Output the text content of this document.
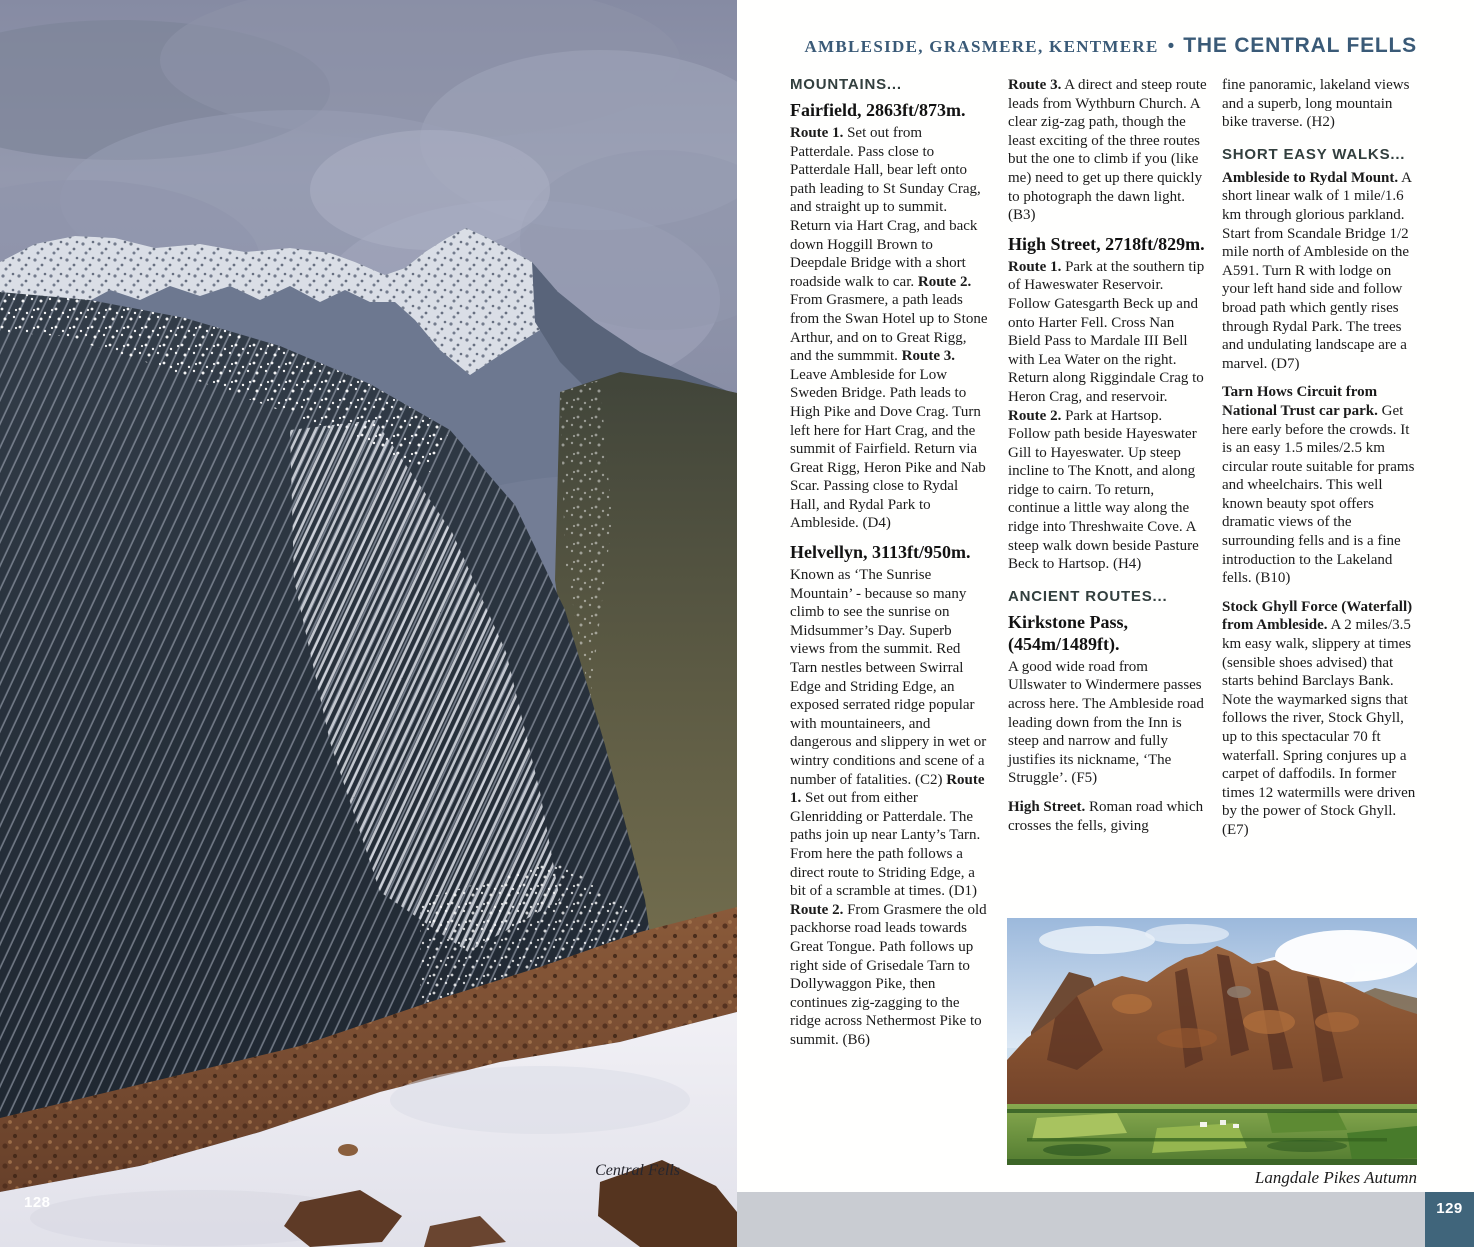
Central Fells
128
AMBLESIDE, GRASMERE, KENTMERE • THE CENTRAL FELLS
MOUNTAINS...
Fairfield, 2863ft/873m.

Route 1. Set out from Patterdale. Pass close to Patterdale Hall, bear left onto path leading to St Sunday Crag, and straight up to summit. Return via Hart Crag, and back down Hoggill Brown to Deepdale Bridge with a short roadside walk to car. Route 2. From Grasmere, a path leads from the Swan Hotel up to Stone Arthur, and on to Great Rigg, and the summmit. Route 3. Leave Ambleside for Low Sweden Bridge. Path leads to High Pike and Dove Crag. Turn left here for Hart Crag, and the summit of Fairfield. Return via Great Rigg, Heron Pike and Nab Scar. Passing close to Rydal Hall, and Rydal Park to Ambleside. (D4)

Helvellyn, 3113ft/950m.

Known as ‘The Sunrise Mountain’ - because so many climb to see the sunrise on Midsummer’s Day. Superb views from the summit. Red Tarn nestles between Swirral Edge and Striding Edge, an exposed serrated ridge popular with mountaineers, and dangerous and slippery in wet or wintry conditions and scene of a number of fatalities. (C2) Route 1. Set out from either Glenridding or Patterdale. The paths join up near Lanty’s Tarn. From here the path follows a direct route to Striding Edge, a bit of a scramble at times. (D1) Route 2. From Grasmere the old packhorse road leads towards Great Tongue. Path follows up right side of Grisedale Tarn to Dollywaggon Pike, then continues zig-zagging to the ridge across Nethermost Pike to summit. (B6)

Route 3. A direct and steep route leads from Wythburn Church. A clear zig-zag path, though the least exciting of the three routes but the one to climb if you (like me) need to get up there quickly to photograph the dawn light. (B3)

High Street, 2718ft/829m.

Route 1. Park at the southern tip of Haweswater Reservoir. Follow Gatesgarth Beck up and onto Harter Fell. Cross Nan Bield Pass to Mardale III Bell with Lea Water on the right. Return along Riggindale Crag to Heron Crag, and reservoir. Route 2. Park at Hartsop. Follow path beside Hayeswater Gill to Hayeswater. Up steep incline to The Knott, and along ridge to cairn. To return, continue a little way along the ridge into Threshwaite Cove. A steep walk down beside Pasture Beck to Hartsop. (H4)

ANCIENT ROUTES...
Kirkstone Pass, (454m/1489ft).

A good wide road from Ullswater to Windermere passes across here. The Ambleside road leading down from the Inn is steep and narrow and fully justifies its nickname, ‘The Struggle’. (F5)

High Street. Roman road which crosses the fells, giving

fine panoramic, lakeland views and a superb, long mountain bike traverse. (H2)

SHORT EASY WALKS...

Ambleside to Rydal Mount. A short linear walk of 1 mile/1.6 km through glorious parkland. Start from Scandale Bridge 1/2 mile north of Ambleside on the A591. Turn R with lodge on your left hand side and follow broad path which gently rises through Rydal Park. The trees and undulating landscape are a marvel. (D7)

Tarn Hows Circuit from National Trust car park. Get here early before the crowds. It is an easy 1.5 miles/2.5 km circular route suitable for prams and wheelchairs. This well known beauty spot offers dramatic views of the surrounding fells and is a fine introduction to the Lakeland fells. (B10)

Stock Ghyll Force (Waterfall) from Ambleside. A 2 miles/3.5 km easy walk, slippery at times (sensible shoes advised) that starts behind Barclays Bank. Note the waymarked signs that follows the river, Stock Ghyll, up to this spectacular 70 ft waterfall. Spring conjures up a carpet of daffodils. In former times 12 watermills were driven by the power of Stock Ghyll. (E7)

Langdale Pikes Autumn
129
